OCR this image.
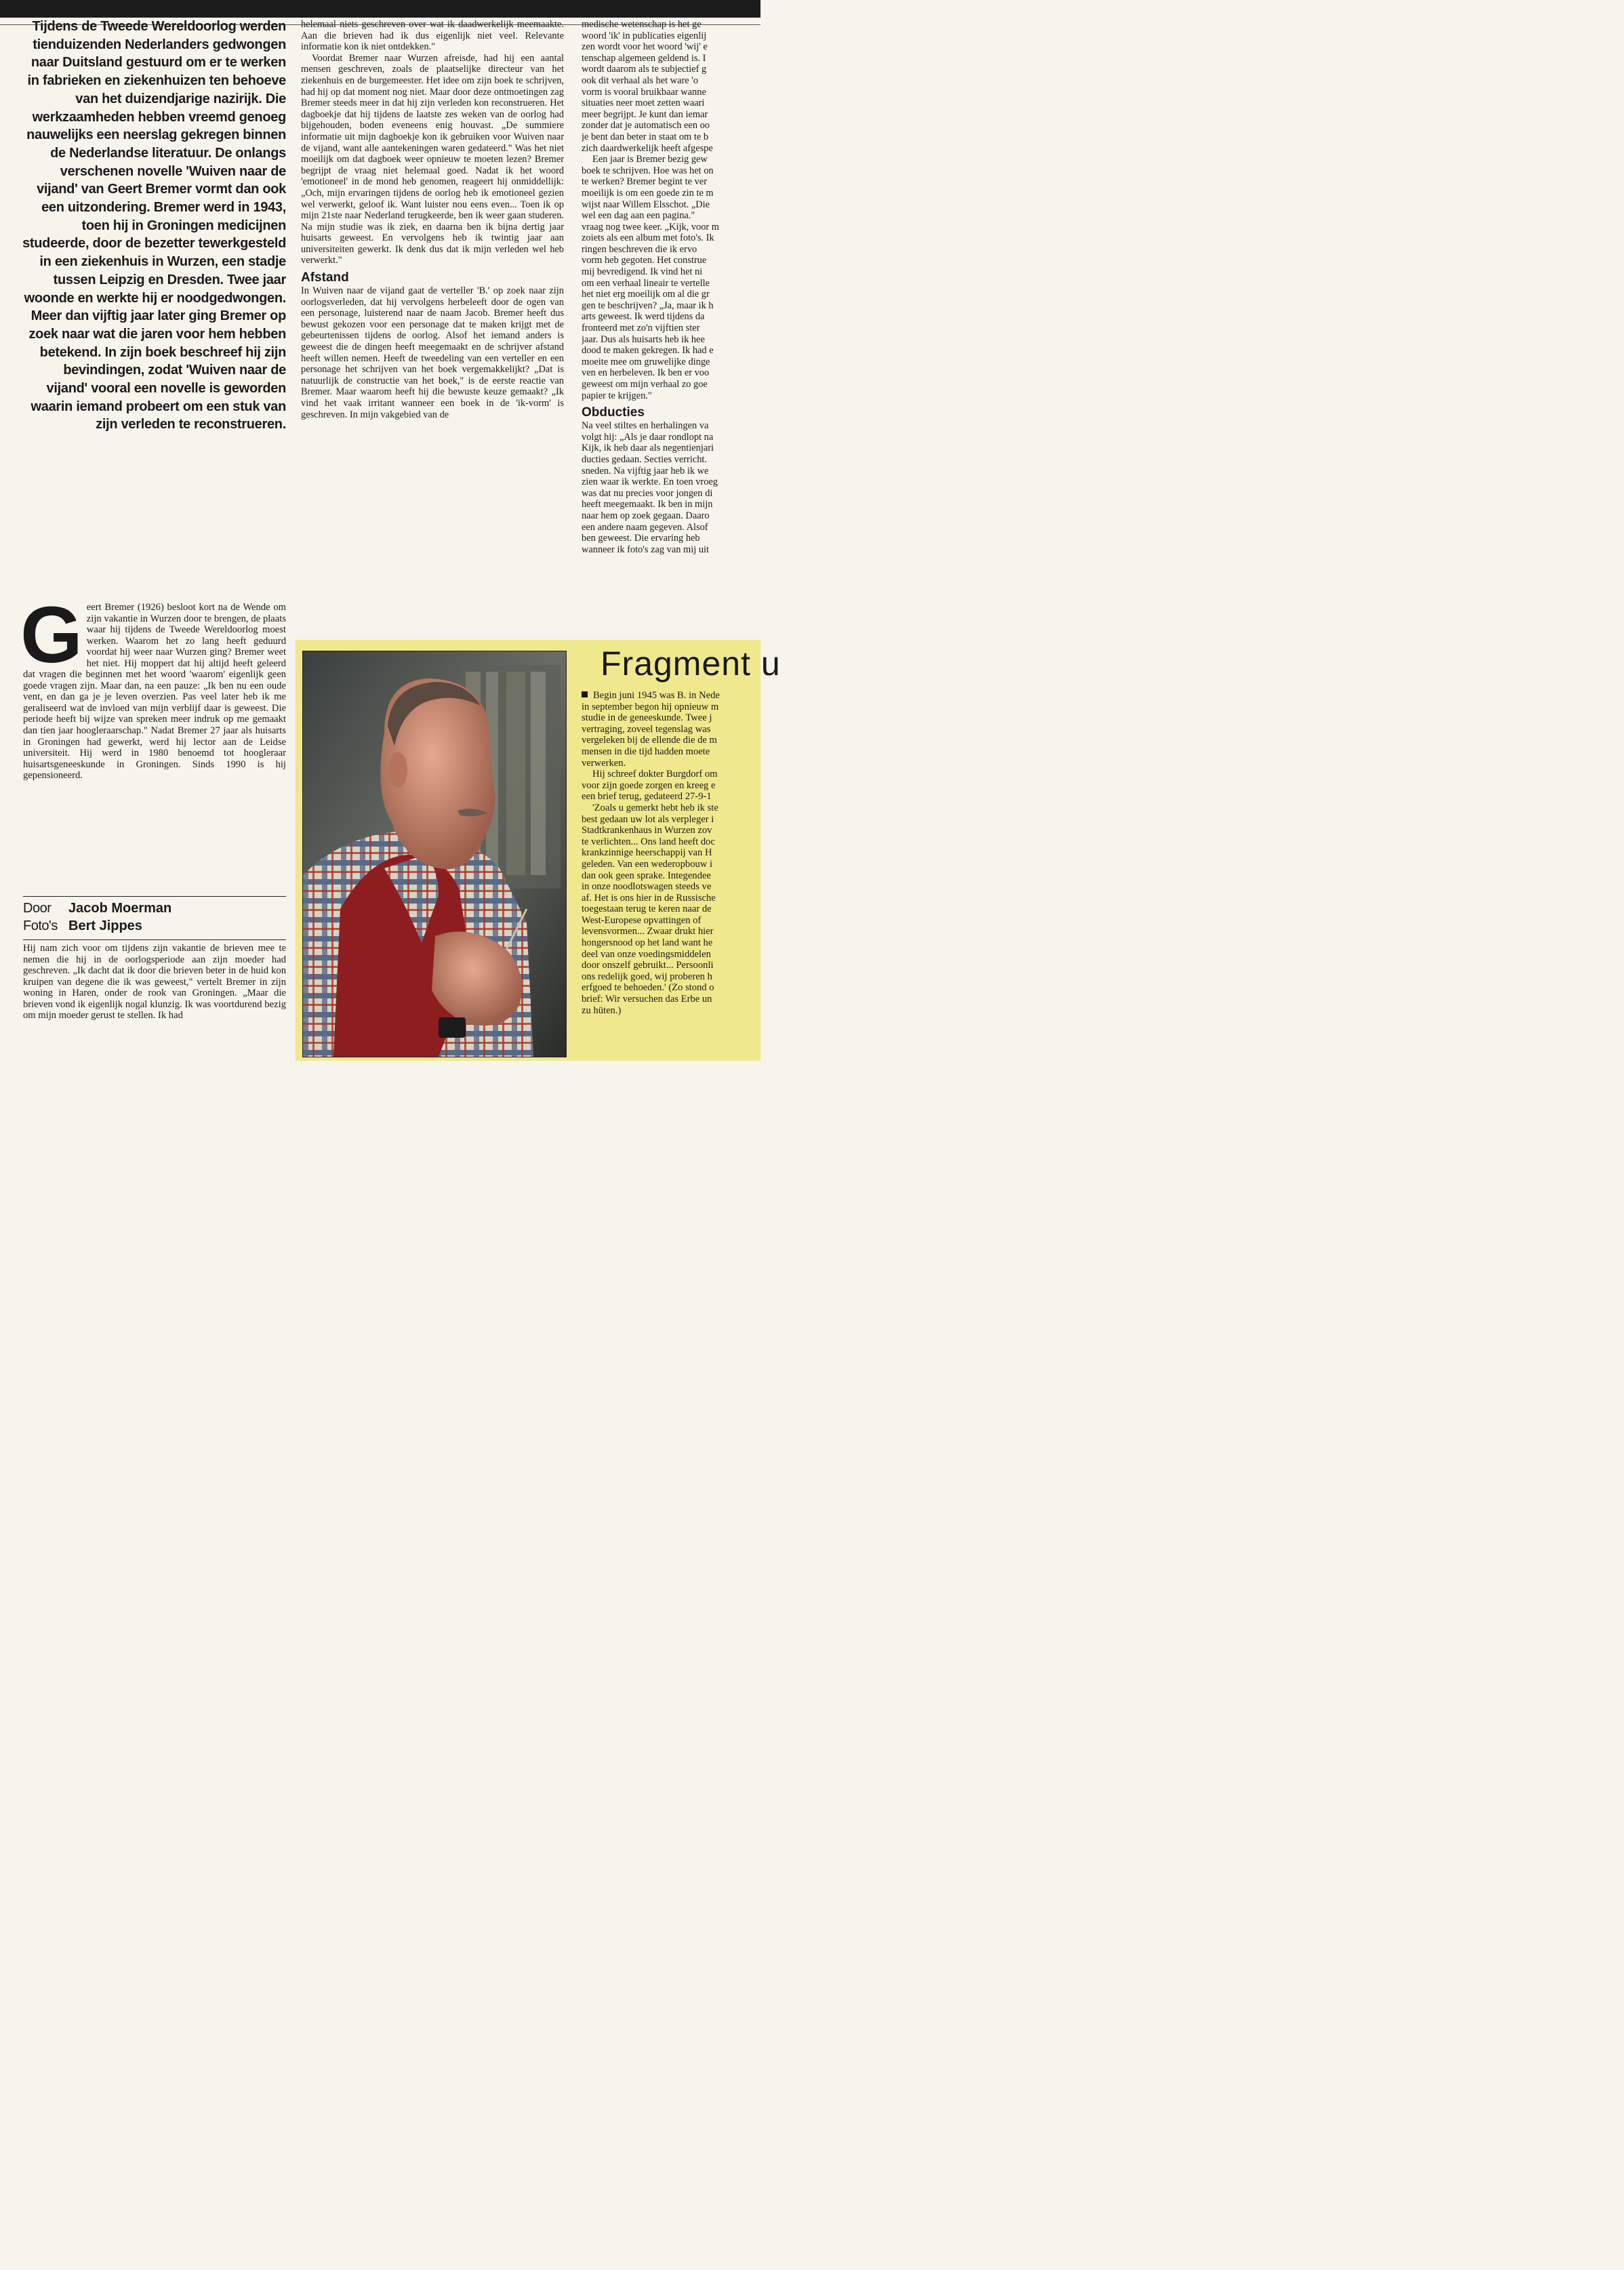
Tijdens de Tweede Wereldoorlog werden tienduizenden Nederlanders gedwongen naar Duitsland gestuurd om er te werken in fabrieken en ziekenhuizen ten behoeve van het duizendjarige nazirijk. Die werkzaamheden hebben vreemd genoeg nauwelijks een neerslag gekregen binnen de Nederlandse literatuur. De onlangs verschenen novelle 'Wuiven naar de vijand' van Geert Bremer vormt dan ook een uitzondering. Bremer werd in 1943, toen hij in Groningen medicijnen studeerde, door de bezetter tewerkgesteld in een ziekenhuis in Wurzen, een stadje tussen Leipzig en Dresden. Twee jaar woonde en werkte hij er noodgedwongen. Meer dan vijftig jaar later ging Bremer op zoek naar wat die jaren voor hem hebben betekend. In zijn boek beschreef hij zijn bevindingen, zodat 'Wuiven naar de vijand' vooral een novelle is geworden waarin iemand probeert om een stuk van zijn verleden te reconstrueren.

helemaal niets geschreven over wat ik daadwerkelijk meemaakte. Aan die brieven had ik dus eigenlijk niet veel. Relevante informatie kon ik niet ontdekken."

Voordat Bremer naar Wurzen afreisde, had hij een aantal mensen geschreven, zoals de plaatselijke directeur van het ziekenhuis en de burgemeester. Het idee om zijn boek te schrijven, had hij op dat moment nog niet. Maar door deze ontmoetingen zag Bremer steeds meer in dat hij zijn verleden kon reconstrueren. Het dagboekje dat hij tijdens de laatste zes weken van de oorlog had bijgehouden, boden eveneens enig houvast. „De summiere informatie uit mijn dagboekje kon ik gebruiken voor Wuiven naar de vijand, want alle aantekeningen waren gedateerd." Was het niet moeilijk om dat dagboek weer opnieuw te moeten lezen? Bremer begrijpt de vraag niet helemaal goed. Nadat ik het woord 'emotioneel' in de mond heb genomen, reageert hij onmiddellijk: „Och, mijn ervaringen tijdens de oorlog heb ik emotioneel gezien wel verwerkt, geloof ik. Want luister nou eens even... Toen ik op mijn 21ste naar Nederland terugkeerde, ben ik weer gaan studeren. Na mijn studie was ik ziek, en daarna ben ik bijna dertig jaar huisarts geweest. En vervolgens heb ik twintig jaar aan universiteiten gewerkt. Ik denk dus dat ik mijn verleden wel heb verwerkt."

Afstand

In Wuiven naar de vijand gaat de verteller 'B.' op zoek naar zijn oorlogsverleden, dat hij vervolgens herbeleeft door de ogen van een personage, luisterend naar de naam Jacob. Bremer heeft dus bewust gekozen voor een personage dat te maken krijgt met de gebeurtenissen tijdens de oorlog. Alsof het iemand anders is geweest die de dingen heeft meegemaakt en de schrijver afstand heeft willen nemen. Heeft de tweedeling van een verteller en een personage het schrijven van het boek vergemakkelijkt? „Dat is natuurlijk de constructie van het boek," is de eerste reactie van Bremer. Maar waarom heeft hij die bewuste keuze gemaakt? „Ik vind het vaak irritant wanneer een boek in de 'ik-vorm' is geschreven. In mijn vakgebied van de

medische wetenschap is het ge
woord 'ik' in publicaties eigenlij
zen wordt voor het woord 'wij' e
tenschap algemeen geldend is. I
wordt daarom als te subjectief g
ook dit verhaal als het ware 'o
vorm is vooral bruikbaar wanne
situaties neer moet zetten waari
meer begrijpt. Je kunt dan iemar
zonder dat je automatisch een oo
je bent dan beter in staat om te b
zich daardwerkelijk heeft afgespe
Een jaar is Bremer bezig gew
boek te schrijven. Hoe was het on
te werken? Bremer begint te ver
moeilijk is om een goede zin te m
wijst naar Willem Elsschot. „Die
wel een dag aan een pagina."
vraag nog twee keer. „Kijk, voor m
zoiets als een album met foto's. Ik
ringen beschreven die ik ervo
vorm heb gegoten. Het construe
mij bevredigend. Ik vind het ni
om een verhaal lineair te vertelle
het niet erg moeilijk om al die gr
gen te beschrijven? „Ja, maar ik h
arts geweest. Ik werd tijdens da
fronteerd met zo'n vijftien ster
jaar. Dus als huisarts heb ik hee
dood te maken gekregen. Ik had e
moeite mee om gruwelijke dinge
ven en herbeleven. Ik ben er voo
geweest om mijn verhaal zo goe
papier te krijgen."
Obducties
Na veel stiltes en herhalingen va
volgt hij: „Als je daar rondlopt na
Kijk, ik heb daar als negentienjari
ducties gedaan. Secties verricht.
sneden. Na vijftig jaar heb ik we
zien waar ik werkte. En toen vroeg
was dat nu precies voor jongen di
heeft meegemaakt. Ik ben in mijn
naar hem op zoek gegaan. Daaro
een andere naam gegeven. Alsof
ben geweest. Die ervaring heb
wanneer ik foto's zag van mij uit
G eert Bremer (1926) besloot kort na de Wende om zijn vakantie in Wurzen door te brengen, de plaats waar hij tijdens de Tweede Wereldoorlog moest werken. Waarom het zo lang heeft geduurd voordat hij weer naar Wurzen ging? Bremer weet het niet. Hij moppert dat hij altijd heeft geleerd dat vragen die beginnen met het woord 'waarom' eigenlijk geen goede vragen zijn. Maar dan, na een pauze: „Ik ben nu een oude vent, en dan ga je je leven overzien. Pas veel later heb ik me geraliseerd wat de invloed van mijn verblijf daar is geweest. Die periode heeft bij wijze van spreken meer indruk op me gemaakt dan tien jaar hoogleraarschap." Nadat Bremer 27 jaar als huisarts in Groningen had gewerkt, werd hij lector aan de Leidse universiteit. Hij werd in 1980 benoemd tot hoogleraar huisartsgeneeskunde in Groningen. Sinds 1990 is hij gepensioneerd.

Door Jacob Moerman
Foto's Bert Jippes

Hij nam zich voor om tijdens zijn vakantie de brieven mee te nemen die hij in de oorlogsperiode aan zijn moeder had geschreven. „Ik dacht dat ik door die brieven beter in de huid kon kruipen van degene die ik was geweest," vertelt Bremer in zijn woning in Haren, onder de rook van Groningen. „Maar die brieven vond ik eigenlijk nogal klunzig. Ik was voortdurend bezig om mijn moeder gerust te stellen. Ik had

Fragment u
Begin juni 1945 was B. in Nede
in september begon hij opnieuw m
studie in de geneeskunde. Twee j
vertraging, zoveel tegenslag was
vergeleken bij de ellende die de m
mensen in die tijd hadden moete
verwerken.
Hij schreef dokter Burgdorf om
voor zijn goede zorgen en kreeg e
een brief terug, gedateerd 27-9-1
'Zoals u gemerkt hebt heb ik ste
best gedaan uw lot als verpleger i
Stadtkrankenhaus in Wurzen zov
te verlichten... Ons land heeft doc
krankzinnige heerschappij van H
geleden. Van een wederopbouw i
dan ook geen sprake. Integendee
in onze noodlotswagen steeds ve
af. Het is ons hier in de Russische
toegestaan terug te keren naar de
West-Europese opvattingen of
levensvormen... Zwaar drukt hier
hongersnood op het land want he
deel van onze voedingsmiddelen
door onszelf gebruikt... Persoonli
ons redelijk goed, wij proberen h
erfgoed te behoeden.' (Zo stond o
brief: Wir versuchen das Erbe un
zu hüten.)
